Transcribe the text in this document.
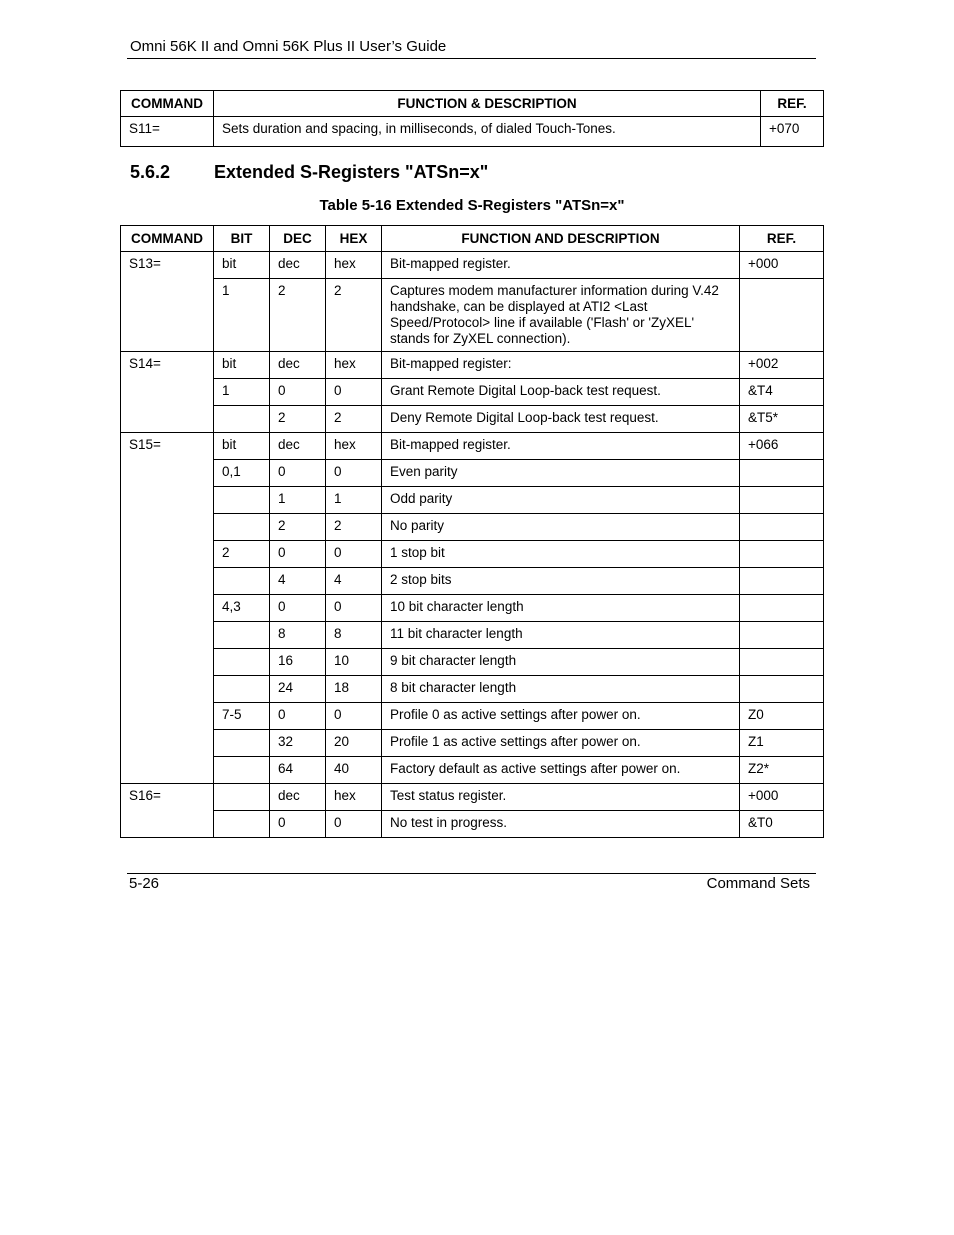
Omni 56K II and Omni 56K Plus II User’s Guide
COMMAND	FUNCTION & DESCRIPTION	REF.
S11=	Sets duration and spacing, in milliseconds, of dialed Touch-Tones.	+070
5.6.2 Extended S-Registers "ATSn=x"
Table 5-16 Extended S-Registers "ATSn=x"
COMMAND	BIT	DEC	HEX	FUNCTION AND DESCRIPTION	REF.
S13=	bit	dec	hex	Bit-mapped register.	+000
	1	2	2	Captures modem manufacturer information during V.42 handshake, can be displayed at ATI2 <Last Speed/Protocol> line if available ('Flash' or 'ZyXEL' stands for ZyXEL connection).	
S14=	bit	dec	hex	Bit-mapped register:	+002
	1	0	0	Grant Remote Digital Loop-back test request.	&T4
		2	2	Deny Remote Digital Loop-back test request.	&T5*
S15=	bit	dec	hex	Bit-mapped register.	+066
	0,1	0	0	Even parity	
		1	1	Odd parity	
		2	2	No parity	
	2	0	0	1 stop bit	
		4	4	2 stop bits	
	4,3	0	0	10 bit character length	
		8	8	11 bit character length	
		16	10	9 bit character length	
		24	18	8 bit character length	
	7-5	0	0	Profile 0 as active settings after power on.	Z0
		32	20	Profile 1 as active settings after power on.	Z1
		64	40	Factory default as active settings after power on.	Z2*
S16=		dec	hex	Test status register.	+000
		0	0	No test in progress.	&T0
5-26	Command Sets
